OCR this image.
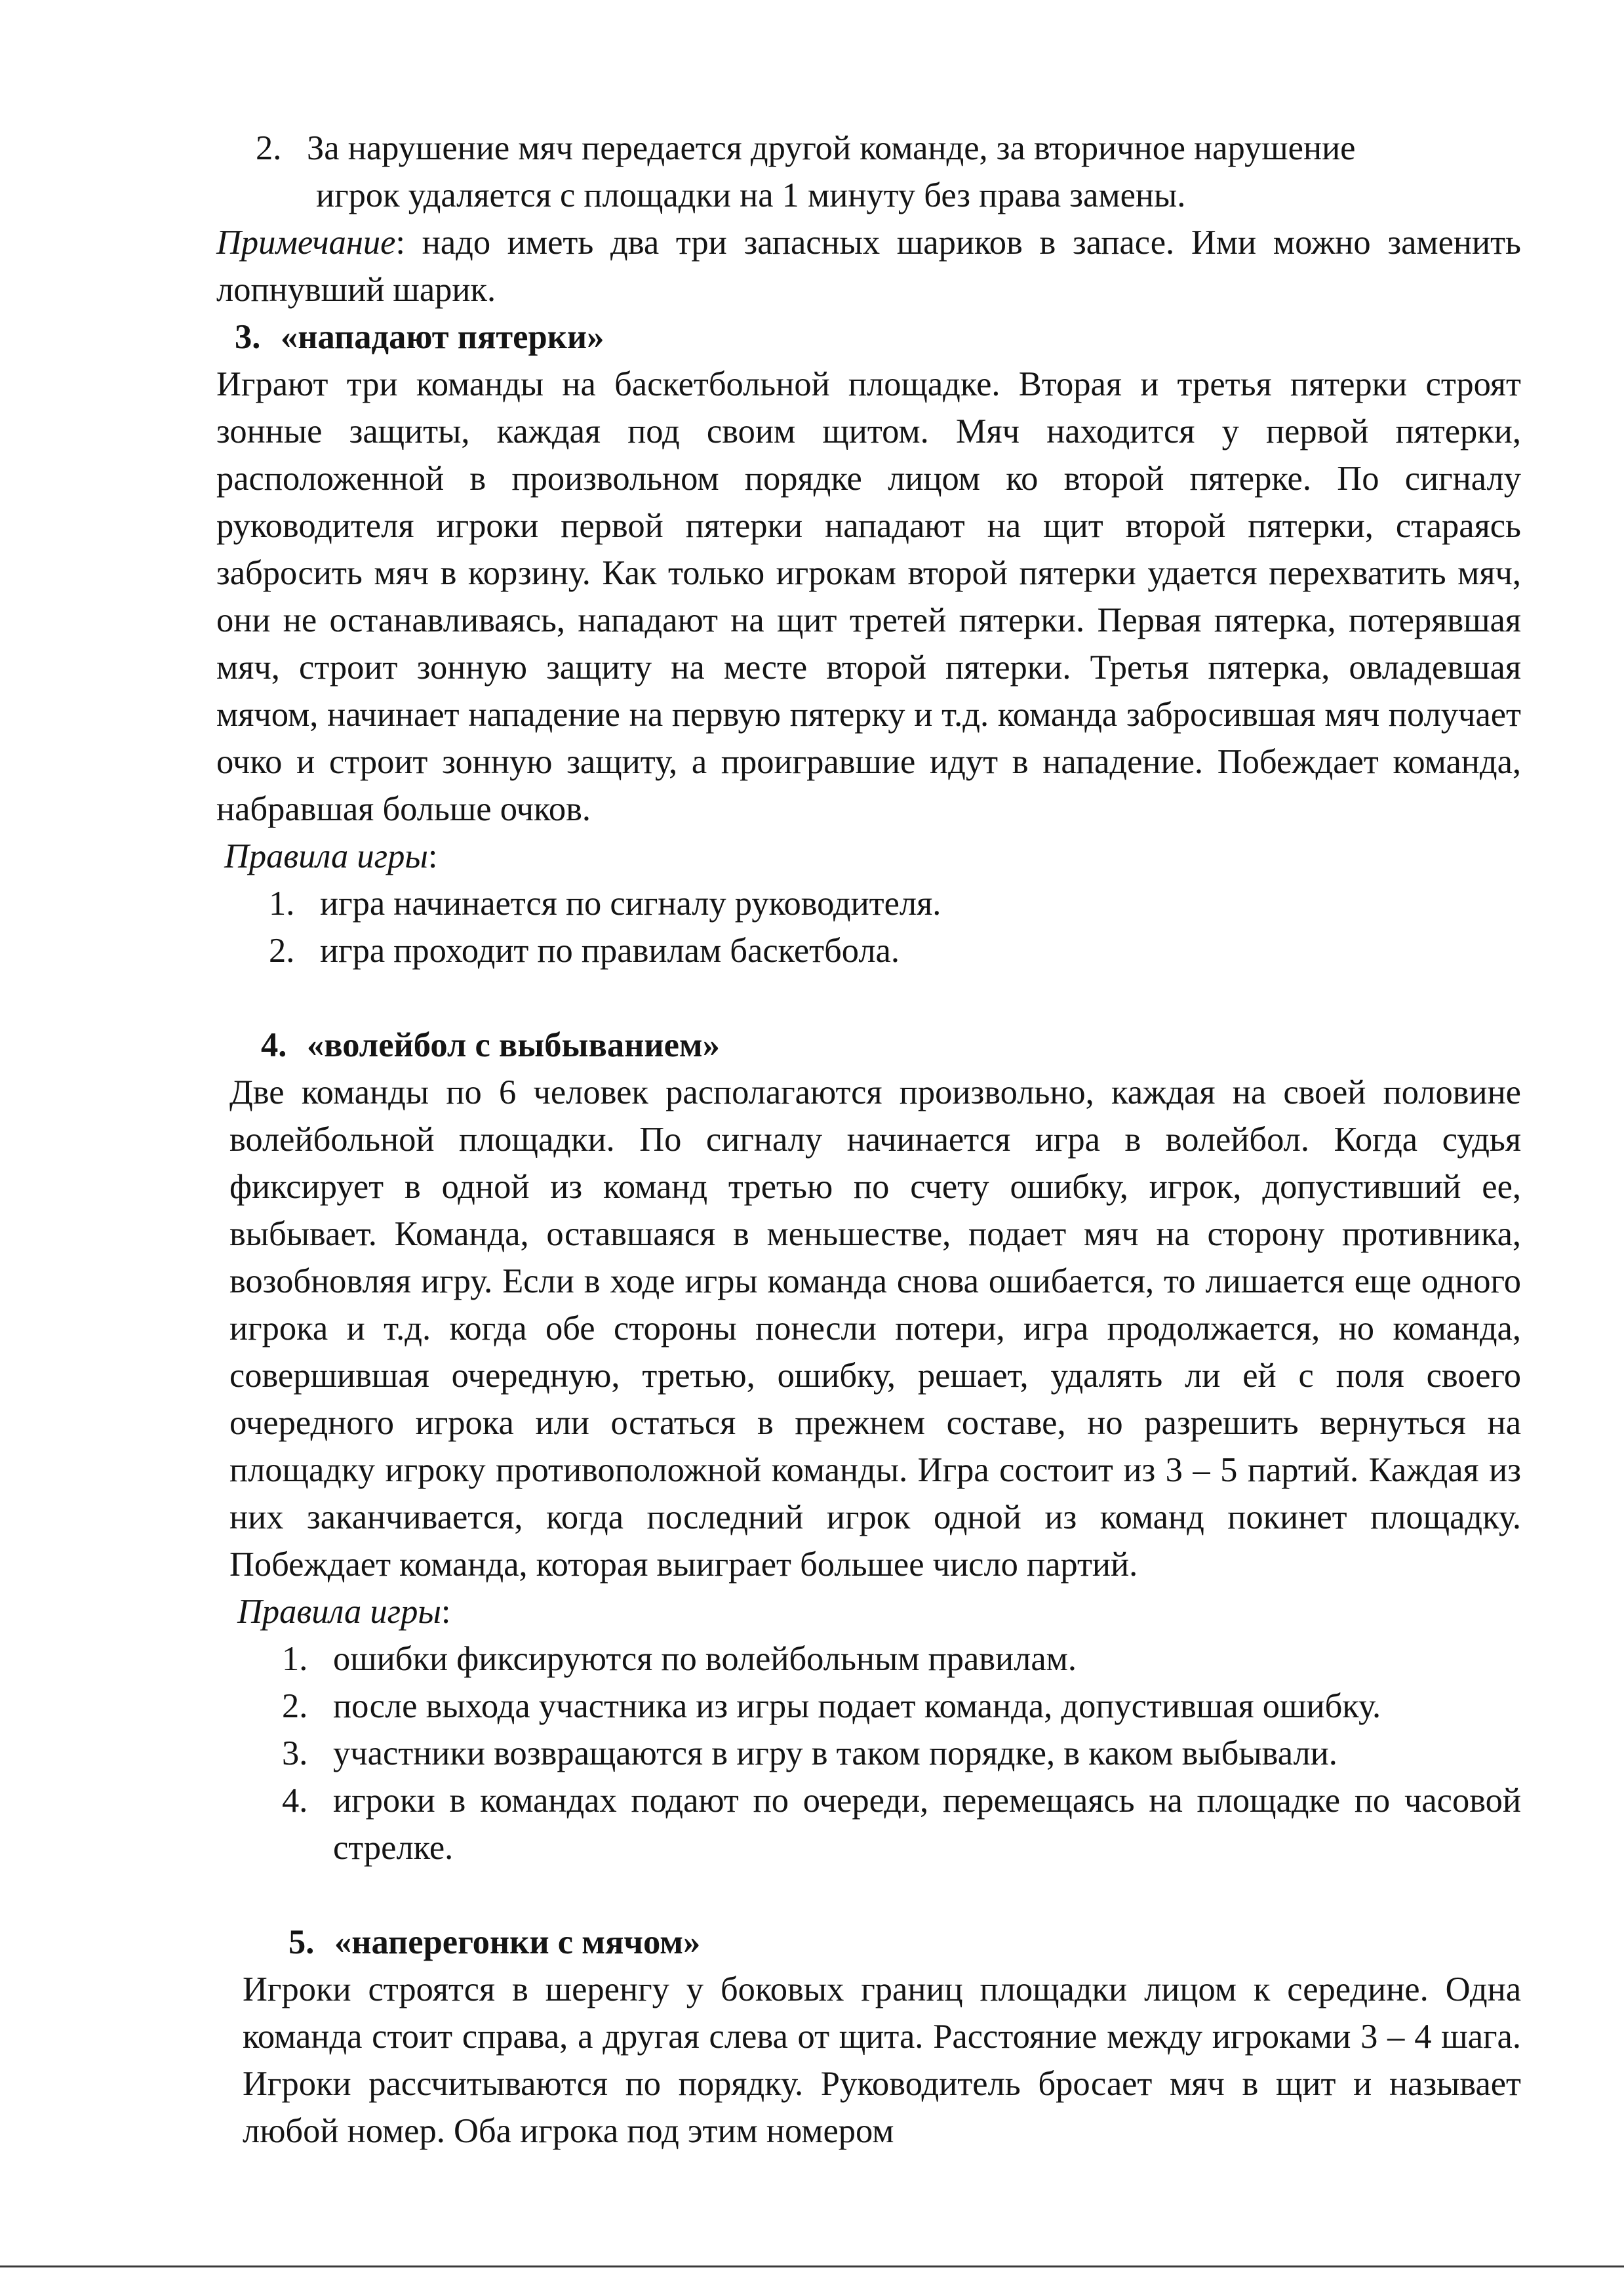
2. За нарушение мяч передается другой команде, за вторичное нарушение
игрок удаляется с площадки на 1 минуту без права замены.

Примечание: надо иметь два три запасных шариков в запасе. Ими можно заменить лопнувший шарик.

3. «нападают пятерки»

Играют три команды на баскетбольной площадке. Вторая и третья пятерки строят зонные защиты, каждая под своим щитом. Мяч находится у первой пятерки, расположенной в произвольном порядке лицом ко второй пятерке. По сигналу руководителя игроки первой пятерки нападают на щит второй пятерки, стараясь забросить мяч в корзину. Как только игрокам второй пятерки удается перехватить мяч, они не останавливаясь, нападают на щит третей пятерки. Первая пятерка, потерявшая мяч, строит зонную защиту на месте второй пятерки. Третья пятерка, овладевшая мячом, начинает нападение на первую пятерку и т.д. команда забросившая мяч получает очко и строит зонную защиту, а проигравшие идут в нападение. Побеждает команда, набравшая больше очков.

Правила игры:

1. игра начинается по сигналу руководителя.
2. игра проходит по правилам баскетбола.
4. «волейбол с выбыванием»

Две команды по 6 человек располагаются произвольно, каждая на своей половине волейбольной площадки. По сигналу начинается игра в волейбол. Когда судья фиксирует в одной из команд третью по счету ошибку, игрок, допустивший ее, выбывает. Команда, оставшаяся в меньшестве, подает мяч на сторону противника, возобновляя игру. Если в ходе игры команда снова ошибается, то лишается еще одного игрока и т.д. когда обе стороны понесли потери, игра продолжается, но команда, совершившая очередную, третью, ошибку, решает, удалять ли ей с поля своего очередного игрока или остаться в прежнем составе, но разрешить вернуться на площадку игроку противоположной команды. Игра состоит из 3 – 5 партий. Каждая из них заканчивается, когда последний игрок одной из команд покинет площадку. Побеждает команда, которая выиграет большее число партий.

Правила игры:

1. ошибки фиксируются по волейбольным правилам.
2. после выхода участника из игры подает команда, допустившая ошибку.
3. участники возвращаются в игру в таком порядке, в каком выбывали.
4. игроки в командах подают по очереди, перемещаясь на площадке по часовой стрелке.
5. «наперегонки с мячом»

Игроки строятся в шеренгу у боковых границ площадки лицом к середине. Одна команда стоит справа, а другая слева от щита. Расстояние между игроками 3 – 4 шага. Игроки рассчитываются по порядку. Руководитель бросает мяч в щит и называет любой номер. Оба игрока под этим номером
